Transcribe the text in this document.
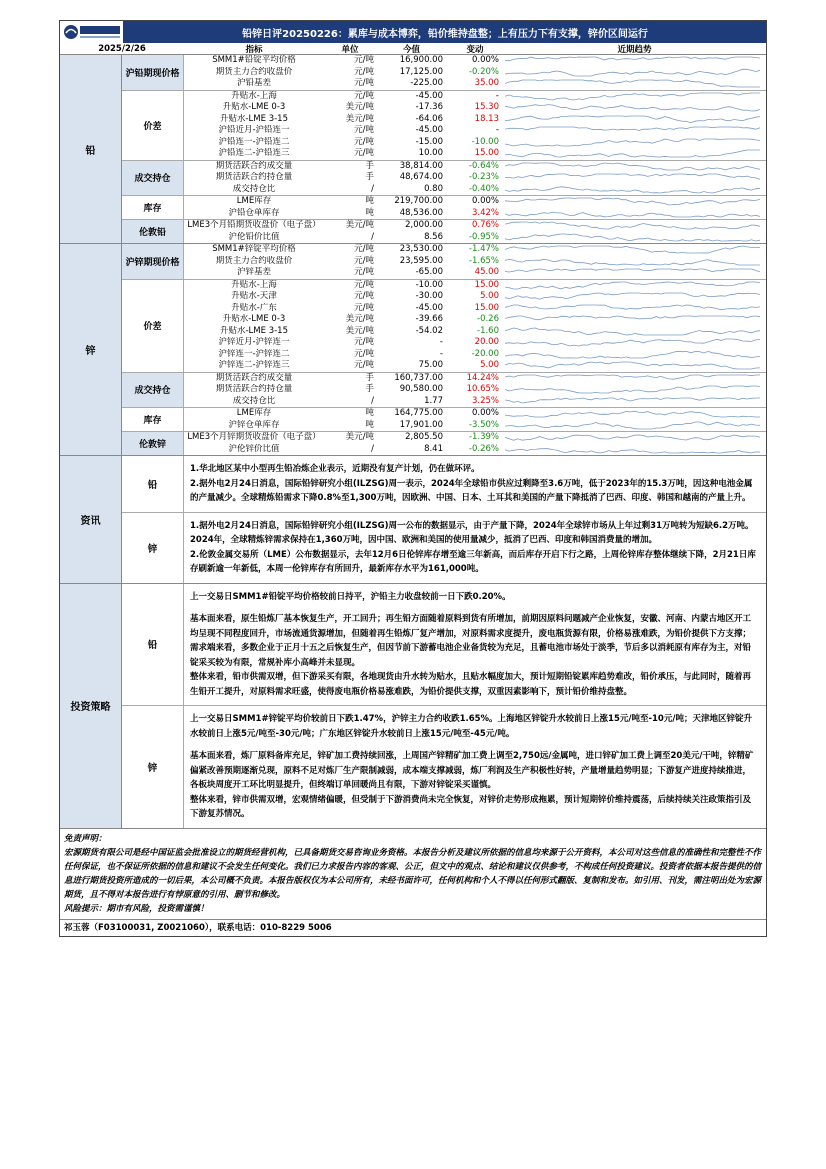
铅锌日评20250226：累库与成本博弈，铅价维持盘整；上有压力下有支撑，锌价区间运行
2025/2/26	指标	单位	今值	变动	近期趋势
铅
沪铅期现价格
SMM1#铅锭平均价格	元/吨	16,900.00	0.00%
期货主力合约收盘价	元/吨	17,125.00	-0.20%
沪铅基差	元/吨	-225.00	35.00
价差
升贴水-上海	元/吨	-45.00	-
升贴水-LME 0-3	美元/吨	-17.36	15.30
升贴水-LME 3-15	美元/吨	-64.06	18.13
沪铅近月-沪铅连一	元/吨	-45.00	-
沪铅连一-沪铅连二	元/吨	-15.00	-10.00
沪铅连二-沪铅连三	元/吨	10.00	15.00
成交持仓
期货活跃合约成交量	手	38,814.00	-0.64%
期货活跃合约持仓量	手	48,674.00	-0.23%
成交持仓比	/	0.80	-0.40%
库存
LME库存	吨	219,700.00	0.00%
沪铅仓单库存	吨	48,536.00	3.42%
伦敦铅
LME3个月铅期货收盘价（电子盘）	美元/吨	2,000.00	0.76%
沪伦铅价比值	/	8.56	-0.95%
锌
沪锌期现价格
SMM1#锌锭平均价格	元/吨	23,530.00	-1.47%
期货主力合约收盘价	元/吨	23,595.00	-1.65%
沪锌基差	元/吨	-65.00	45.00
价差
升贴水-上海	元/吨	-10.00	15.00
升贴水-天津	元/吨	-30.00	5.00
升贴水-广东	元/吨	-45.00	15.00
升贴水-LME 0-3	美元/吨	-39.66	-0.26
升贴水-LME 3-15	美元/吨	-54.02	-1.60
沪锌近月-沪锌连一	元/吨	-	20.00
沪锌连一-沪锌连二	元/吨	-	-20.00
沪锌连二-沪锌连三	元/吨	75.00	5.00
成交持仓
期货活跃合约成交量	手	160,737.00	14.24%
期货活跃合约持仓量	手	90,580.00	10.65%
成交持仓比	/	1.77	3.25%
库存
LME库存	吨	164,775.00	0.00%
沪锌仓单库存	吨	17,901.00	-3.50%
伦敦锌
LME3个月锌期货收盘价（电子盘）	美元/吨	2,805.50	-1.39%
沪伦锌价比值	/	8.41	-0.26%
资讯
铅

1.华北地区某中小型再生铅冶炼企业表示，近期没有复产计划，仍在做环评。

2.据外电2月24日消息，国际铅锌研究小组(ILZSG)周一表示，2024年全球铅市供应过剩降至3.6万吨，低于2023年的15.3万吨，因这种电池金属的产量减少。全球精炼铅需求下降0.8%至1,300万吨，因欧洲、中国、日本、土耳其和美国的产量下降抵消了巴西、印度、韩国和越南的产量上升。

锌

1.据外电2月24日消息，国际铅锌研究小组(ILZSG)周一公布的数据显示，由于产量下降，2024年全球锌市场从上年过剩31万吨转为短缺6.2万吨。2024年，全球精炼锌需求保持在1,360万吨，因中国、欧洲和美国的使用量减少，抵消了巴西、印度和韩国消费量的增加。

2.伦敦金属交易所（LME）公布数据显示，去年12月6日伦锌库存增至逾三年新高，而后库存开启下行之路，上周伦锌库存整体继续下降，2月21日库存刷新逾一年新低，本周一伦锌库存有所回升，最新库存水平为161,000吨。

投资策略
铅

上一交易日SMM1#铅锭平均价格较前日持平，沪铅主力收盘较前一日下跌0.20%。

基本面来看，原生铅炼厂基本恢复生产，开工回升；再生铅方面随着原料到货有所增加，前期因原料问题减产企业恢复，安徽、河南、内蒙古地区开工均呈现不同程度回升，市场流通货源增加，但随着再生铅炼厂复产增加，对原料需求度提升，废电瓶货源有限，价格易涨难跌，为铅价提供下方支撑；需求端来看，多数企业于正月十五之后恢复生产，但因节前下游蓄电池企业备货较为充足，且蓄电池市场处于淡季，节后多以消耗原有库存为主，对铅锭采买较为有限，常规补库小高峰并未显现。

整体来看，铅市供需双增，但下游采买有限，各地现货由升水转为贴水，且贴水幅度加大，预计短期铅锭累库趋势难改，铅价承压，与此同时，随着再生铅开工提升，对原料需求旺盛，使得废电瓶价格易涨难跌，为铅价提供支撑，双重因素影响下，预计铅价维持盘整。

锌

上一交易日SMM1#锌锭平均价较前日下跌1.47%，沪锌主力合约收跌1.65%。上海地区锌锭升水较前日上涨15元/吨至-10元/吨；天津地区锌锭升水较前日上涨5元/吨至-30元/吨；广东地区锌锭升水较前日上涨15元/吨至-45元/吨。

基本面来看，炼厂原料备库充足，锌矿加工费持续回涨，上周国产锌精矿加工费上调至2,750远/金属吨，进口锌矿加工费上调至20美元/干吨，锌精矿偏紧改善预期逐渐兑现，原料不足对炼厂生产限制减弱，成本端支撑减弱，炼厂利润及生产积极性好转，产量增量趋势明显；下游复产进度持续推进，各板块周度开工环比明显提升，但终端订单回暖尚且有限，下游对锌锭采买谨慎。

整体来看，锌市供需双增，宏观情绪偏暖，但受制于下游消费尚未完全恢复，对锌价走势形成拖累，预计短期锌价维持震荡，后续持续关注政策指引及下游复苏情况。

免责声明：
宏源期货有限公司是经中国证监会批准设立的期货经营机构，已具备期货交易咨询业务资格。本报告分析及建议所依据的信息均来源于公开资料，本公司对这些信息的准确性和完整性不作任何保证，也不保证所依据的信息和建议不会发生任何变化。我们已力求报告内容的客观、公正，但文中的观点、结论和建议仅供参考，不构成任何投资建议。投资者依据本报告提供的信息进行期货投资所造成的一切后果，本公司概不负责。本报告版权仅为本公司所有，未经书面许可，任何机构和个人不得以任何形式翻版、复制和发布。如引用、刊发，需注明出处为宏源期货，且不得对本报告进行有悖原意的引用、删节和修改。
风险提示：期市有风险，投资需谨慎！
祁玉蓉（F03100031, Z0021060），联系电话：010-8229 5006
